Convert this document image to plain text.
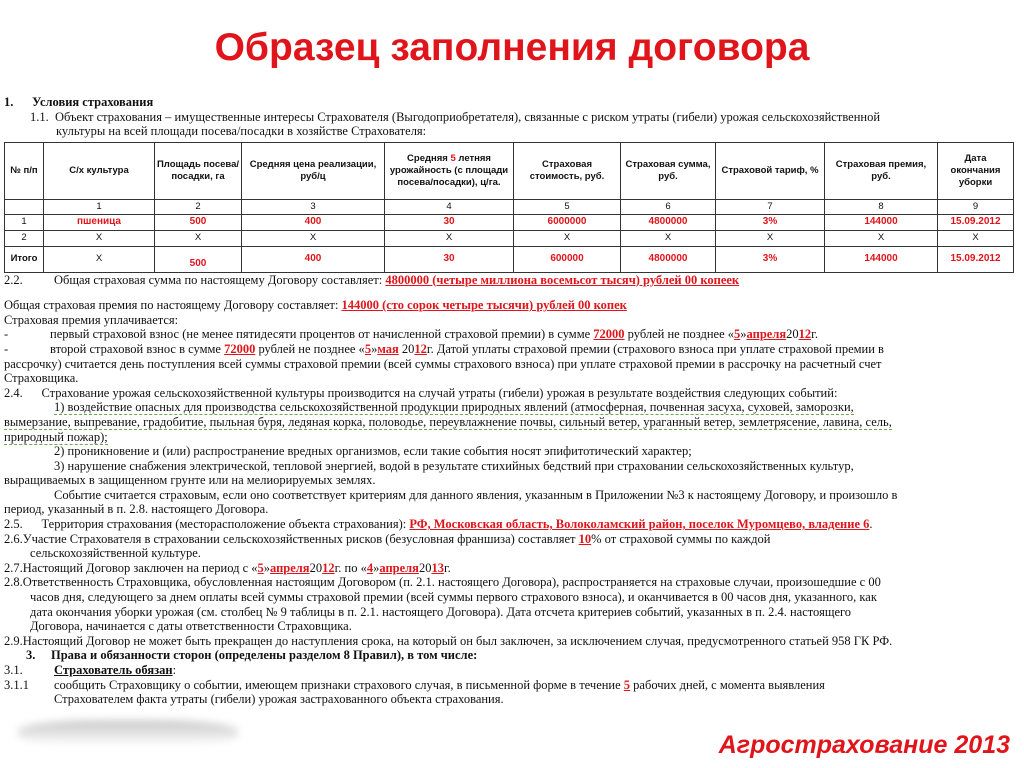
Образец заполнения договора
1. Условия страхования
1.1. Объект страхования – имущественные интересы Страхователя (Выгодоприобретателя), связанные с риском утраты (гибели) урожая сельскохозяйственной
культуры на всей площади посева/посадки в хозяйстве Страхователя:
№ п/п	С/х культура	Площадь посева/посадки, га	Средняя цена реализации, руб/ц	Средняя 5 летняя урожайность (с площади посева/посадки), ц/га.	Страховая стоимость, руб.	Страховая сумма, руб.	Страховой тариф, %	Страховая премия, руб.	Дата окончания уборки
	1	2	3	4	5	6	7	8	9
1	пшеница	500	400	30	6000000	4800000	3%	144000	15.09.2012
2	Х	Х	Х	Х	Х	Х	Х	Х	Х
Итого	Х	500	400	30	600000	4800000	3%	144000	15.09.2012
2.2.	Общая страховая сумма по настоящему Договору составляет: 4800000 (четыре миллиона восемьсот тысяч) рублей 00 копеек
Общая страховая премия по настоящему Договору составляет: 144000 (сто сорок четыре тысячи) рублей 00 копек
Страховая премия уплачивается:
-	первый страховой взнос (не менее пятидесяти процентов от начисленной страховой премии) в сумме 72000 рублей не позднее «5»апреля2012г.
-	второй страховой взнос в сумме 72000 рублей не позднее «5»мая 2012г. Датой уплаты страховой премии (страхового взноса при уплате страховой премии в
рассрочку) считается день поступления всей суммы страховой премии (всей суммы страхового взноса) при уплате страховой премии в рассрочку на расчетный счет
Страховщика.
2.4. Страхование урожая сельскохозяйственной культуры производится на случай утраты (гибели) урожая в результате воздействия следующих событий:
1) воздействие опасных для производства сельскохозяйственной продукции природных явлений (атмосферная, почвенная засуха, суховей, заморозки,
вымерзание, выпревание, градобитие, пыльная буря, ледяная корка, половодье, переувлажнение почвы, сильный ветер, ураганный ветер, землетрясение, лавина, сель,
природный пожар);
2) проникновение и (или) распространение вредных организмов, если такие события носят эпифитотический характер;
3) нарушение снабжения электрической, тепловой энергией, водой в результате стихийных бедствий при страховании сельскохозяйственных культур,
выращиваемых в защищенном грунте или на мелиорируемых землях.
Событие считается страховым, если оно соответствует критериям для данного явления, указанным в Приложении №3 к настоящему Договору, и произошло в
период, указанный в п. 2.8. настоящего Договора.
2.5. Территория страхования (месторасположение объекта страхования): РФ, Московская область, Волоколамский район, поселок Муромцево, владение 6.
2.6.Участие Страхователя в страховании сельскохозяйственных рисков (безусловная франшиза) составляет 10% от страховой суммы по каждой
сельскохозяйственной культуре.
2.7.Настоящий Договор заключен на период с «5»апреля2012г. по «4»апреля2013г.
2.8.Ответственность Страховщика, обусловленная настоящим Договором (п. 2.1. настоящего Договора), распространяется на страховые случаи, произошедшие с 00
часов дня, следующего за днем оплаты всей суммы страховой премии (всей суммы первого страхового взноса), и оканчивается в 00 часов дня, указанного, как
дата окончания уборки урожая (см. столбец № 9 таблицы в п. 2.1. настоящего Договора). Дата отсчета критериев событий, указанных в п. 2.4. настоящего
Договора, начинается с даты ответственности Страховщика.
2.9.Настоящий Договор не может быть прекращен до наступления срока, на который он был заключен, за исключением случая, предусмотренного статьей 958 ГК РФ.
3. Права и обязанности сторон (определены разделом 8 Правил), в том числе:
3.1.	Страхователь обязан:
3.1.1 сообщить Страховщику о событии, имеющем признаки страхового случая, в письменной форме в течение 5 рабочих дней, с момента выявления
Страхователем факта утраты (гибели) урожая застрахованного объекта страхования.
Агрострахование 2013
